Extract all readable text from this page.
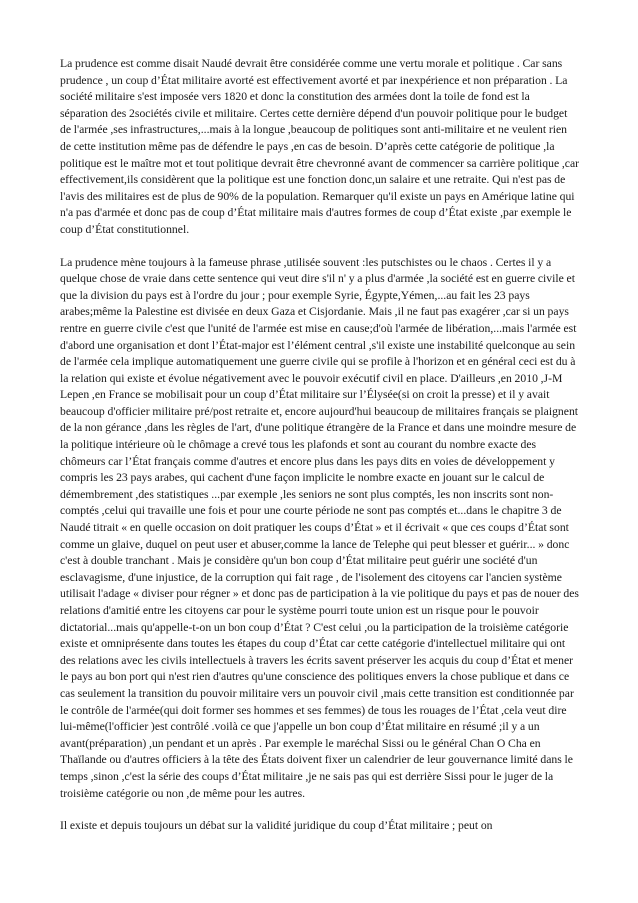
La prudence est comme disait Naudé devrait être considérée comme une vertu morale et politique . Car sans prudence , un coup d’État militaire avorté est effectivement avorté et par inexpérience et non préparation . La société militaire s'est imposée vers 1820 et donc la constitution des armées dont la toile de fond est la séparation des 2sociétés civile et militaire. Certes cette dernière dépend d'un pouvoir politique pour le budget de l'armée ,ses infrastructures,...mais à la longue ,beaucoup de politiques sont anti-militaire et ne veulent rien de cette institution même pas de défendre le pays ,en cas de besoin. D’après cette catégorie de politique ,la politique est le maître mot et tout politique devrait être chevronné avant de commencer sa carrière politique ,car effectivement,ils considèrent que la politique est une fonction donc,un salaire et une retraite. Qui n'est pas de l'avis des militaires est de plus de 90% de la population. Remarquer qu'il existe un pays en Amérique latine qui n'a pas d'armée et donc pas de coup d’État militaire mais d'autres formes de coup d’État existe ,par exemple le coup d’État constitutionnel.

La prudence mène toujours à la fameuse phrase ,utilisée souvent :les putschistes ou le chaos . Certes il y a quelque chose de vraie dans cette sentence qui veut dire s'il n' y a plus d'armée ,la société est en guerre civile et que la division du pays est à l'ordre du jour ; pour exemple Syrie, Égypte,Yémen,...au fait les 23 pays arabes;même la Palestine est divisée en deux Gaza et Cisjordanie. Mais ,il ne faut pas exagérer ,car si un pays rentre en guerre civile c'est que l'unité de l'armée est mise en cause;d'où l'armée de libération,...mais l'armée est d'abord une organisation et dont l’État-major est l’élément central ,s'il existe une instabilité quelconque au sein de l'armée cela implique automatiquement une guerre civile qui se profile à l'horizon et en général ceci est du à la relation qui existe et évolue négativement avec le pouvoir exécutif civil en place. D'ailleurs ,en 2010 ,J-M Lepen ,en France se mobilisait pour un coup d’État militaire sur l’Élysée(si on croit la presse) et il y avait beaucoup d'officier militaire pré/post retraite et, encore aujourd'hui beaucoup de militaires français se plaignent de la non gérance ,dans les règles de l'art, d'une politique étrangère de la France et dans une moindre mesure de la politique intérieure où le chômage a crevé tous les plafonds et sont au courant du nombre exacte des chômeurs car l’État français comme d'autres et encore plus dans les pays dits en voies de développement y compris les 23 pays arabes, qui cachent d'une façon implicite le nombre exacte en jouant sur le calcul de démembrement ,des statistiques ...par exemple ,les seniors ne sont plus comptés, les non inscrits sont non-comptés ,celui qui travaille une fois et pour une courte période ne sont pas comptés et...dans le chapitre 3 de Naudé titrait « en quelle occasion on doit pratiquer les coups d’État » et il écrivait « que ces coups d’État sont comme un glaive, duquel on peut user et abuser,comme la lance de Telephe qui peut blesser et guérir... » donc c'est à double tranchant . Mais je considère qu'un bon coup d’État militaire peut guérir une société d'un esclavagisme, d'une injustice, de la corruption qui fait rage , de l'isolement des citoyens car l'ancien système utilisait l'adage « diviser pour régner » et donc pas de participation à la vie politique du pays et pas de nouer des relations d'amitié entre les citoyens car pour le système pourri toute union est un risque pour le pouvoir dictatorial...mais qu'appelle-t-on un bon coup d’État ? C'est celui ,ou la participation de la troisième catégorie existe et omniprésente dans toutes les étapes du coup d’État car cette catégorie d'intellectuel militaire qui ont des relations avec les civils intellectuels à travers les écrits savent préserver les acquis du coup d’État et mener le pays au bon port qui n'est rien d'autres qu'une conscience des politiques envers la chose publique et dans ce cas seulement la transition du pouvoir militaire vers un pouvoir civil ,mais cette transition est conditionnée par le contrôle de l'armée(qui doit former ses hommes et ses femmes) de tous les rouages de l’État ,cela veut dire lui-même(l'officier )est contrôlé .voilà ce que j'appelle un bon coup d’État militaire en résumé ;il y a un avant(préparation) ,un pendant et un après . Par exemple le maréchal Sissi ou le général Chan O Cha en Thaïlande ou d'autres officiers à la tête des États doivent fixer un calendrier de leur gouvernance limité dans le temps ,sinon ,c'est la série des coups d’État militaire ,je ne sais pas qui est derrière Sissi pour le juger de la troisième catégorie ou non ,de même pour les autres.

Il existe et depuis toujours un débat sur la validité juridique du coup d’État militaire ; peut on
